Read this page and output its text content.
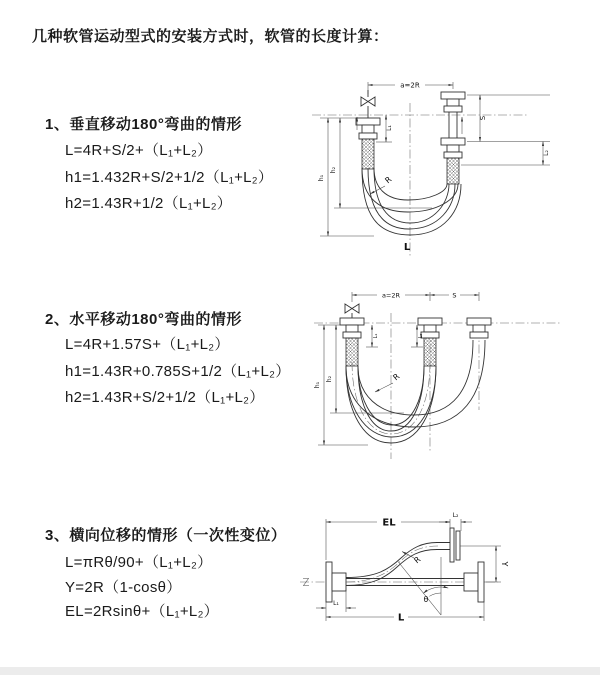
几种软管运动型式的安装方式时，软管的长度计算：
1、垂直移动180°弯曲的情形
L=4R+S/2+（L₁+L₂）
h1=1.432R+S/2+1/2（L₁+L₂）
h2=1.43R+1/2（L₁+L₂）
2、水平移动180°弯曲的情形
L=4R+1.57S+（L₁+L₂）
h1=1.43R+0.785S+1/2（L₁+L₂）
h2=1.43R+S/2+1/2（L₁+L₂）
3、横向位移的情形（一次性变位）
L=πRθ/90+（L₁+L₂）
Y=2R（1-cosθ）
EL=2Rsinθ+（L₁+L₂）
a=2R
L₁
S
L₂
h₁
h₂
R
L
a=2R	S
L₁	L₂
h₁
h₂	R
R
θ
EL
L₂
Y
L₁
L
